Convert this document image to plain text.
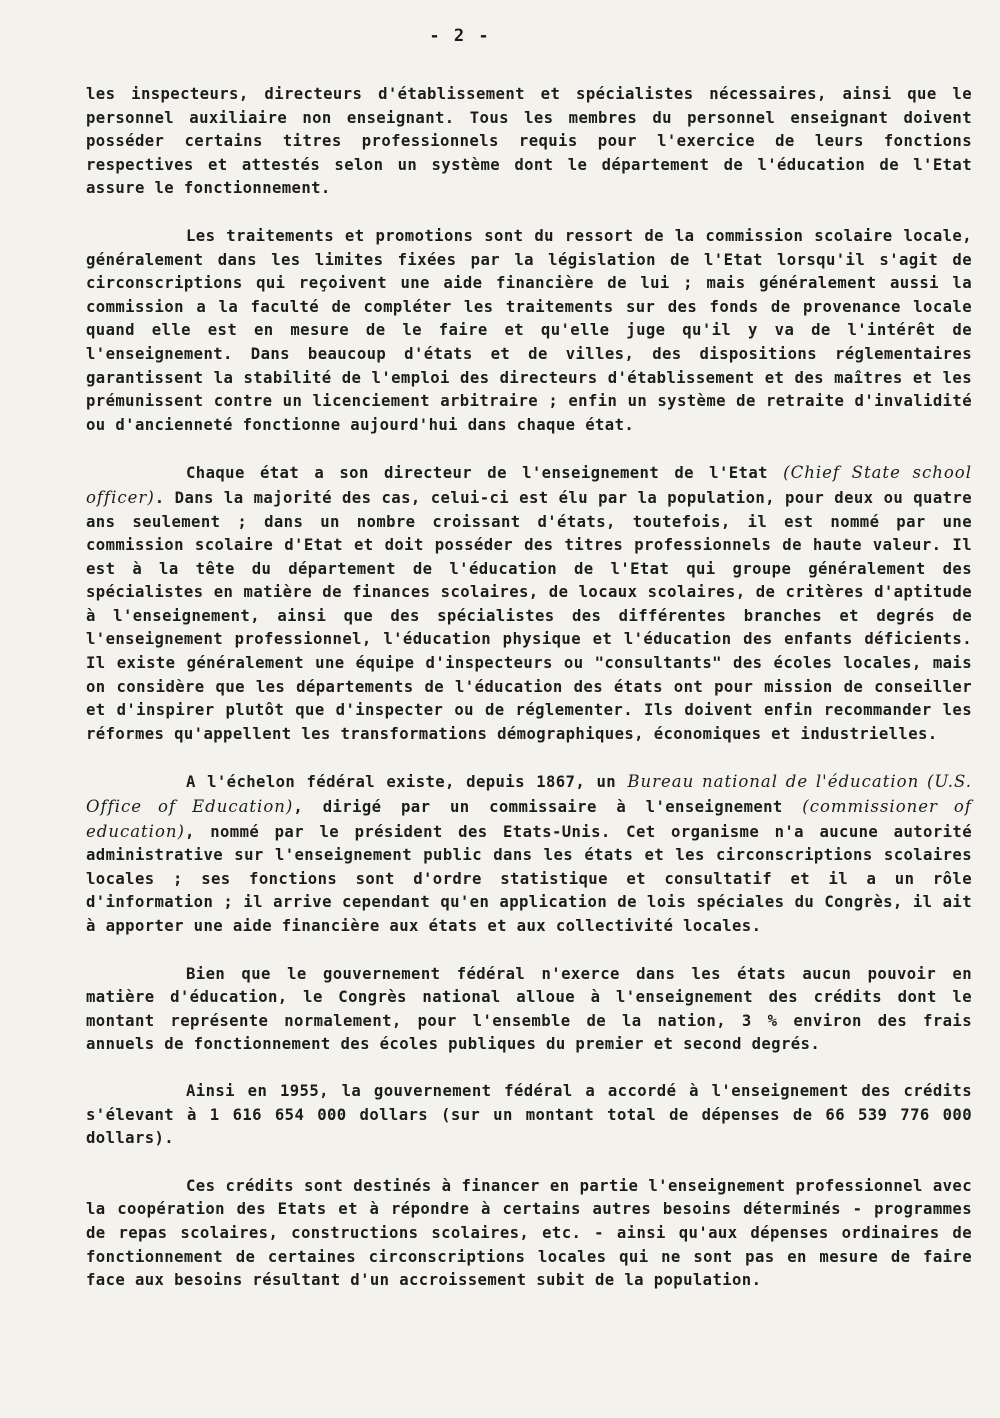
- 2 -

les inspecteurs, directeurs d'établissement et spécialistes nécessaires, ainsi que le personnel auxiliaire non enseignant. Tous les membres du personnel enseignant doivent posséder certains titres professionnels requis pour l'exercice de leurs fonctions respectives et attestés selon un système dont le département de l'éducation de l'Etat assure le fonctionnement.

Les traitements et promotions sont du ressort de la commission scolaire locale, généralement dans les limites fixées par la législation de l'Etat lorsqu'il s'agit de circonscriptions qui reçoivent une aide financière de lui ; mais généralement aussi la commission a la faculté de compléter les traitements sur des fonds de provenance locale quand elle est en mesure de le faire et qu'elle juge qu'il y va de l'intérêt de l'enseignement. Dans beaucoup d'états et de villes, des dispositions réglementaires garantissent la stabilité de l'emploi des directeurs d'établissement et des maîtres et les prémunissent contre un licenciement arbitraire ; enfin un système de retraite d'invalidité ou d'ancienneté fonctionne aujourd'hui dans chaque état.

Chaque état a son directeur de l'enseignement de l'Etat (Chief State school officer). Dans la majorité des cas, celui-ci est élu par la population, pour deux ou quatre ans seulement ; dans un nombre croissant d'états, toutefois, il est nommé par une commission scolaire d'Etat et doit posséder des titres professionnels de haute valeur. Il est à la tête du département de l'éducation de l'Etat qui groupe généralement des spécialistes en matière de finances scolaires, de locaux scolaires, de critères d'aptitude à l'enseignement, ainsi que des spécialistes des différentes branches et degrés de l'enseignement professionnel, l'éducation physique et l'éducation des enfants déficients. Il existe généralement une équipe d'inspecteurs ou "consultants" des écoles locales, mais on considère que les départements de l'éducation des états ont pour mission de conseiller et d'inspirer plutôt que d'inspecter ou de réglementer. Ils doivent enfin recommander les réformes qu'appellent les transformations démographiques, économiques et industrielles.

A l'échelon fédéral existe, depuis 1867, un Bureau national de l'éducation (U.S. Office of Education), dirigé par un commissaire à l'enseignement (commissioner of education), nommé par le président des Etats-Unis. Cet organisme n'a aucune autorité administrative sur l'enseignement public dans les états et les circonscriptions scolaires locales ; ses fonctions sont d'ordre statistique et consultatif et il a un rôle d'information ; il arrive cependant qu'en application de lois spéciales du Congrès, il ait à apporter une aide financière aux états et aux collectivité locales.

Bien que le gouvernement fédéral n'exerce dans les états aucun pouvoir en matière d'éducation, le Congrès national alloue à l'enseignement des crédits dont le montant représente normalement, pour l'ensemble de la nation, 3 % environ des frais annuels de fonctionnement des écoles publiques du premier et second degrés.

Ainsi en 1955, la gouvernement fédéral a accordé à l'enseignement des crédits s'élevant à 1 616 654 000 dollars (sur un montant total de dépenses de 66 539 776 000 dollars).

Ces crédits sont destinés à financer en partie l'enseignement professionnel avec la coopération des Etats et à répondre à certains autres besoins déterminés - programmes de repas scolaires, constructions scolaires, etc. - ainsi qu'aux dépenses ordinaires de fonctionnement de certaines circonscriptions locales qui ne sont pas en mesure de faire face aux besoins résultant d'un accroissement subit de la population.
